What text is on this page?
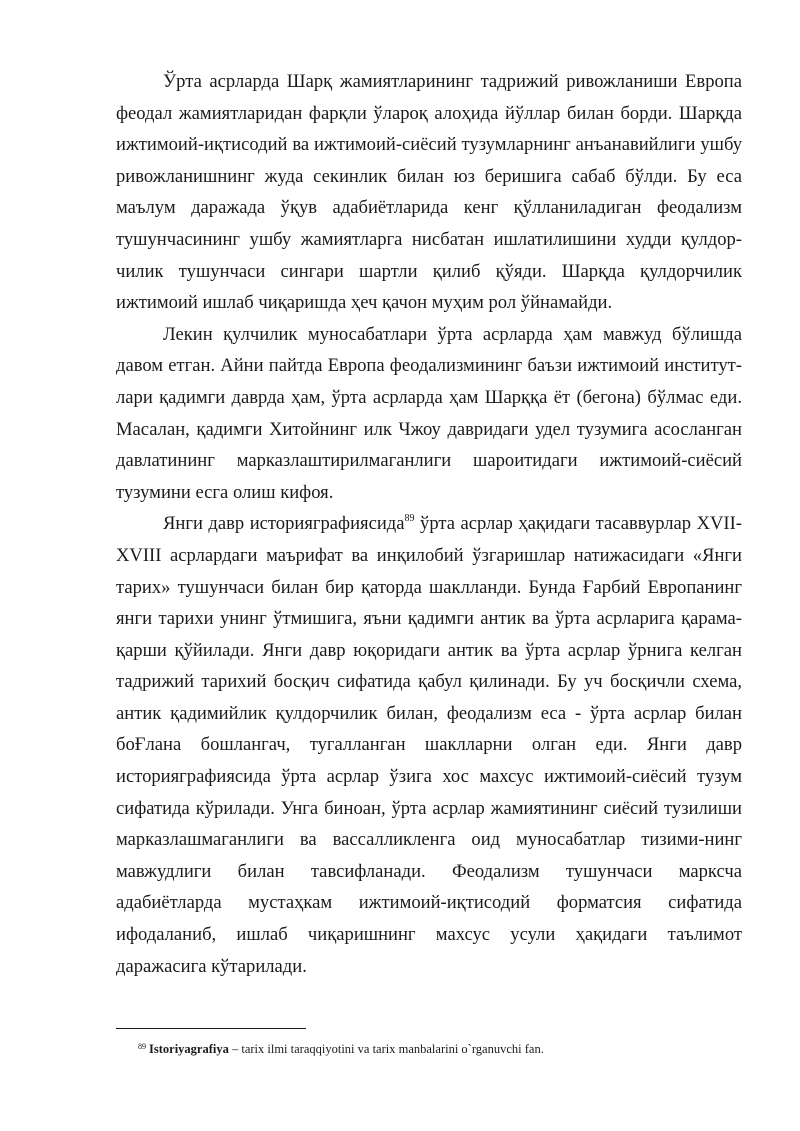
Ўрта асрларда Шарқ жамиятларининг тадрижий ривожланиши Европа феодал жамиятларидан фарқли ўлароқ алоҳида йўллар билан борди. Шарқда ижтимоий-иқтисодий ва ижтимоий-сиёсий тузумларнинг анъанавийлиги ушбу ривожланишнинг жуда секинлик билан юз беришига сабаб бўлди. Бу еса маълум даражада ўқув адабиётларида кенг қўлланиладиган феодализм тушунчасининг ушбу жамиятларга нисбатан ишлатилишини худди қулдор-чилик тушунчаси сингари шартли қилиб қўяди. Шарқда қулдорчилик ижтимоий ишлаб чиқаришда ҳеч қачон муҳим рол ўйнамайди.

Лекин қулчилик муносабатлари ўрта асрларда ҳам мавжуд бўлишда давом етган. Айни пайтда Европа феодализмининг баъзи ижтимоий институт-лари қадимги даврда ҳам, ўрта асрларда ҳам Шарққа ёт (бегона) бўлмас еди. Масалан, қадимги Хитойнинг илк Чжоу давридаги удел тузумига асосланган давлатининг марказлаштирилмаганлиги шароитидаги ижтимоий-сиёсий тузумини есга олиш кифоя.

Янги давр историяграфиясида$^{89}$ ўрта асрлар ҳақидаги тасаввурлар XVII-XVIII асрлардаги маърифат ва инқилобий ўзгаришлар натижасидаги «Янги тарих» тушунчаси билан бир қаторда шаклланди. Бунда Ғарбий Европанинг янги тарихи унинг ўтмишига, яъни қадимги антик ва ўрта асрларига қарама-қарши қўйилади. Янги давр юқоридаги антик ва ўрта асрлар ўрнига келган тадрижий тарихий босқич сифатида қабул қилинади. Бу уч босқичли схема, антик қадимийлик қулдорчилик билан, феодализм еса - ўрта асрлар билан боҒлана бошлангач, тугалланган шаклларни олган еди. Янги давр историяграфиясида ўрта асрлар ўзига хос махсус ижтимоий-сиёсий тузум сифатида кўрилади. Унга биноан, ўрта асрлар жамиятининг сиёсий тузилиши марказлашмаганлиги ва вассалликленга оид муносабатлар тизими-нинг мавжудлиги билан тавсифланади. Феодализм тушунчаси марксча адабиётларда мустаҳкам ижтимоий-иқтисодий форматсия сифатида ифодаланиб, ишлаб чиқаришнинг махсус усули ҳақидаги таълимот даражасига кўтарилади.

$^{89}$ Istoriyagrafiya – tarix ilmi taraqqiyotini va tarix manbalarini o`rganuvchi fan.
